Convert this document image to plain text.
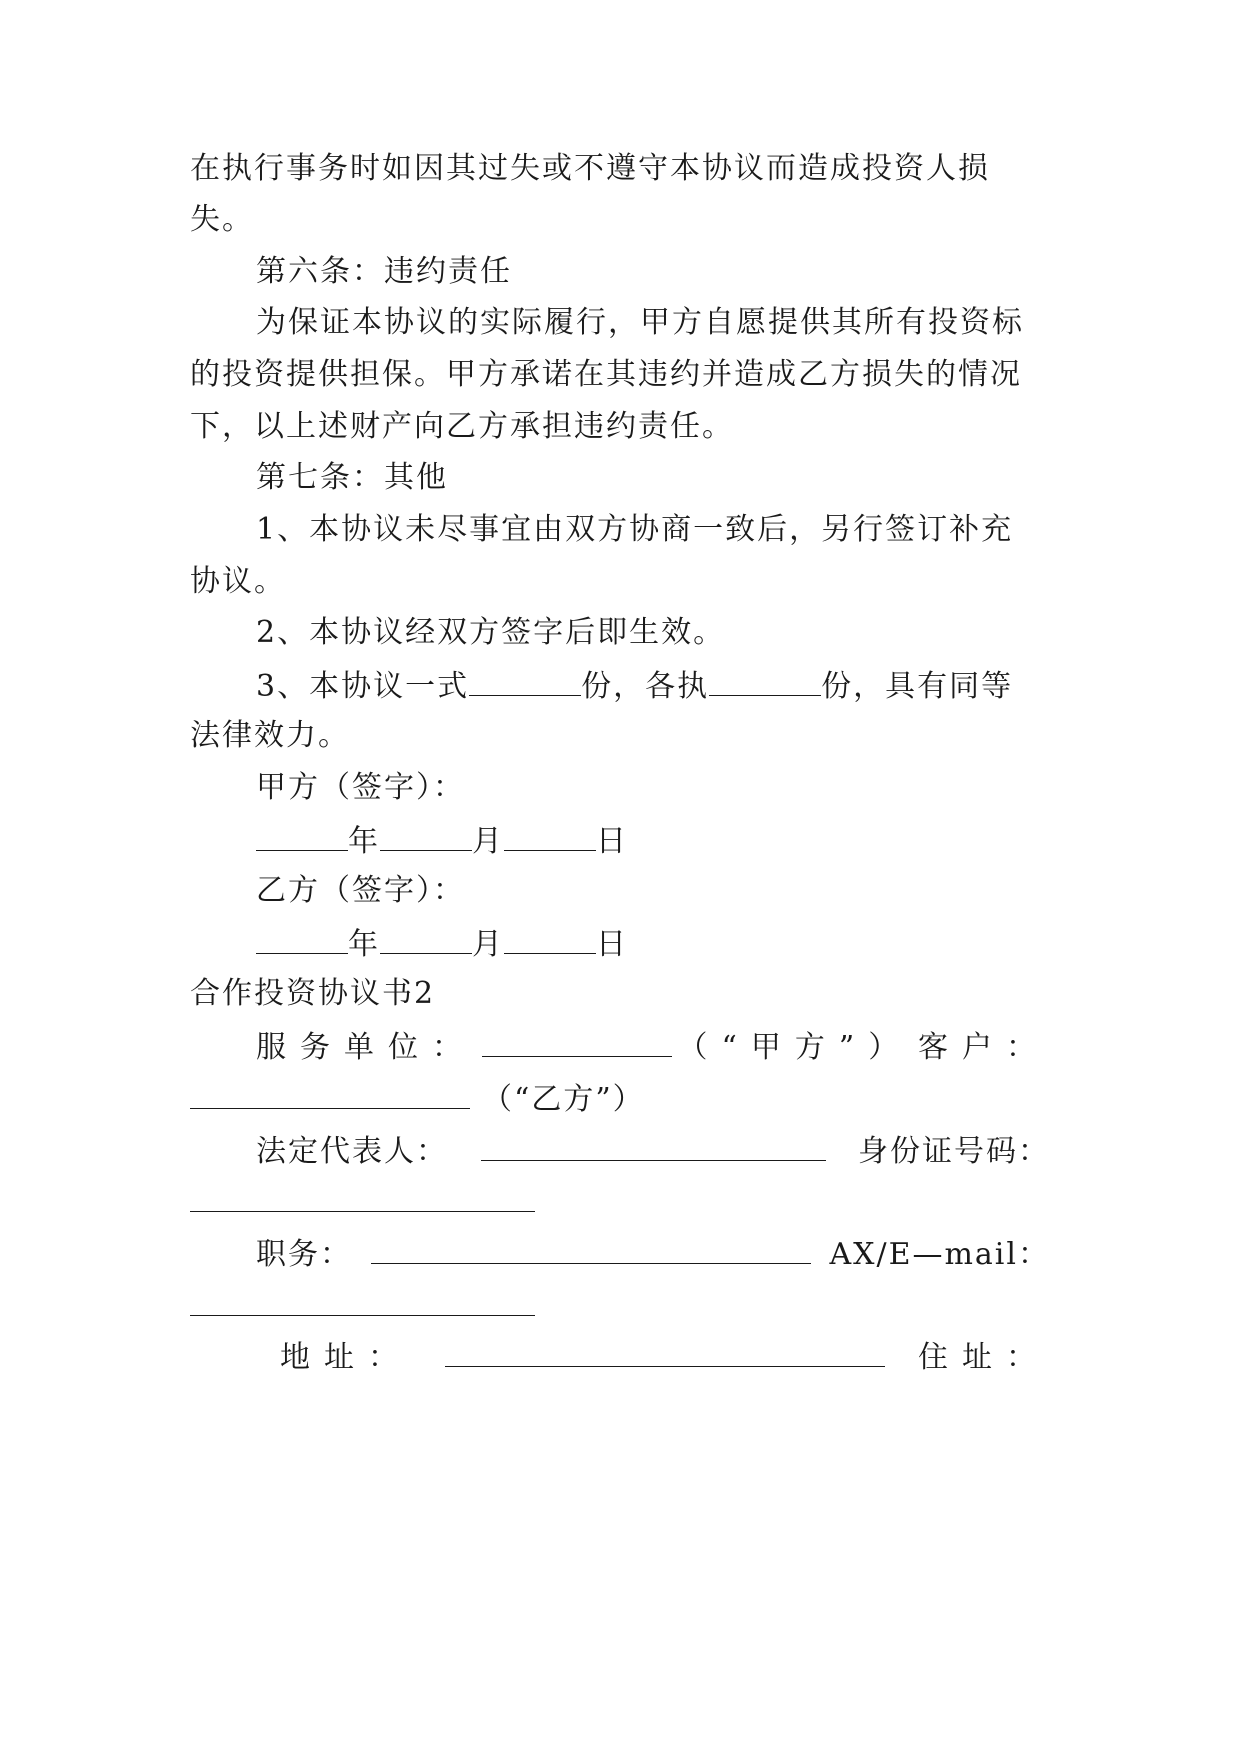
在执行事务时如因其过失或不遵守本协议而造成投资人损
失。
第六条：违约责任
为保证本协议的实际履行，甲方自愿提供其所有投资标
的投资提供担保。甲方承诺在其违约并造成乙方损失的情况
下，以上述财产向乙方承担违约责任。
第七条：其他
1、本协议未尽事宜由双方协商一致后，另行签订补充
协议。
2、本协议经双方签字后即生效。
3、本协议一式	份，各执	份，具有同等
法律效力。
甲方（签字）：
年	月	日
乙方（签字）：
年	月	日
合作投资协议书2
服务单位：	（“甲方”） 客户：
（“乙方”）
法定代表人：	身份证号码：
职务：	AX/E—mail：
地址：	住址：
